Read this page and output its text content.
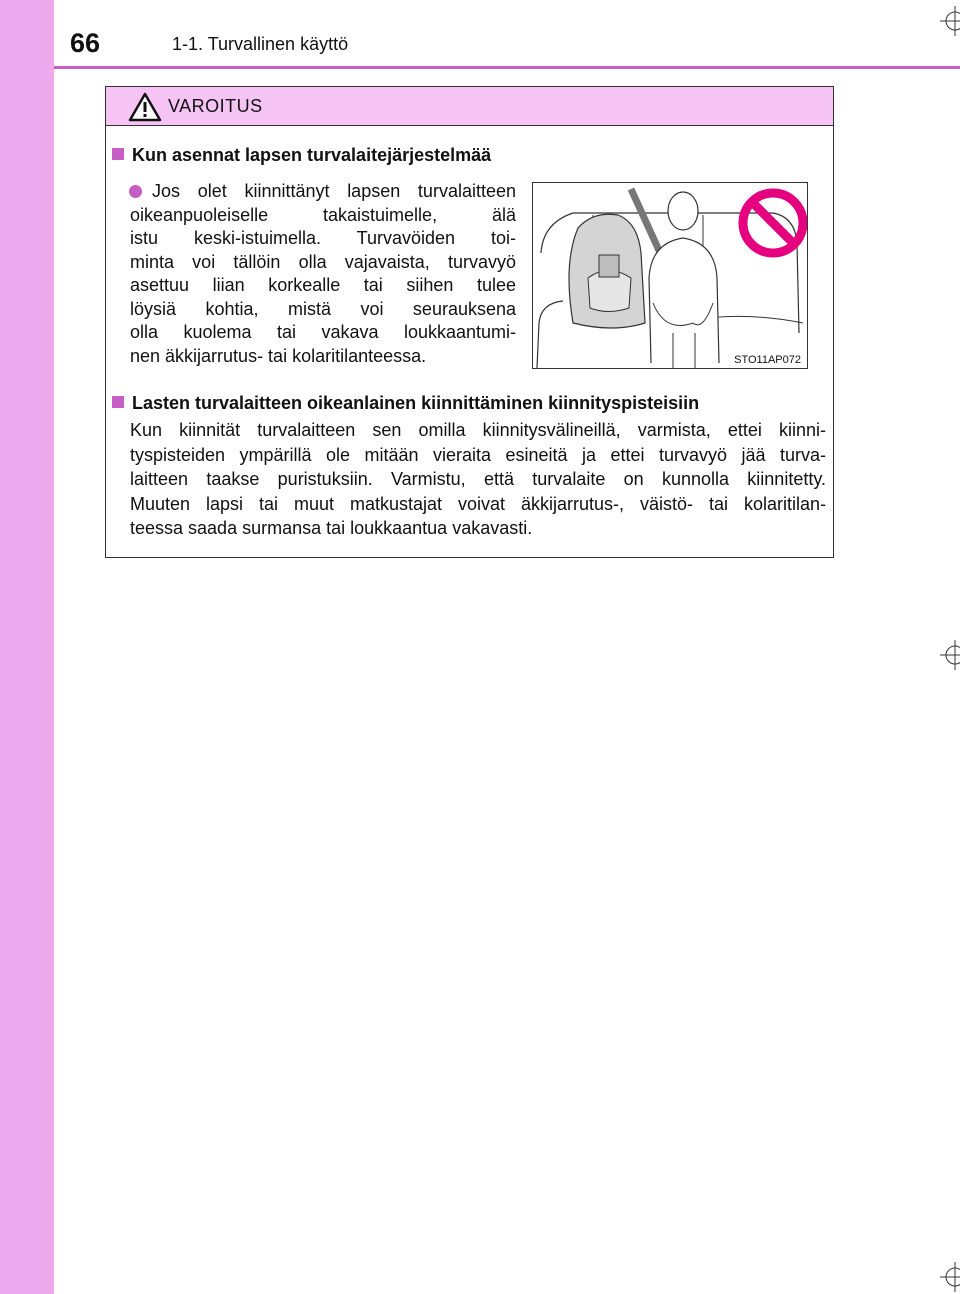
66	1-1. Turvallinen käyttö
VAROITUS
Kun asennat lapsen turvalaitejärjestelmää
Jos olet kiinnittänyt lapsen turvalaitteen
oikeanpuoleiselle takaistuimelle, älä
istu keski-istuimella. Turvavöiden toi-
minta voi tällöin olla vajavaista, turvavyö
asettuu liian korkealle tai siihen tulee
löysiä kohtia, mistä voi seurauksena
olla kuolema tai vakava loukkaantumi-
nen äkkijarrutus- tai kolaritilanteessa.	STO11AP072
Lasten turvalaitteen oikeanlainen kiinnittäminen kiinnityspisteisiin
Kun kiinnität turvalaitteen sen omilla kiinnitysvälineillä, varmista, ettei kiinni-
tyspisteiden ympärillä ole mitään vieraita esineitä ja ettei turvavyö jää turva-
laitteen taakse puristuksiin. Varmistu, että turvalaite on kunnolla kiinnitetty.
Muuten lapsi tai muut matkustajat voivat äkkijarrutus-, väistö- tai kolaritilan-
teessa saada surmansa tai loukkaantua vakavasti.
